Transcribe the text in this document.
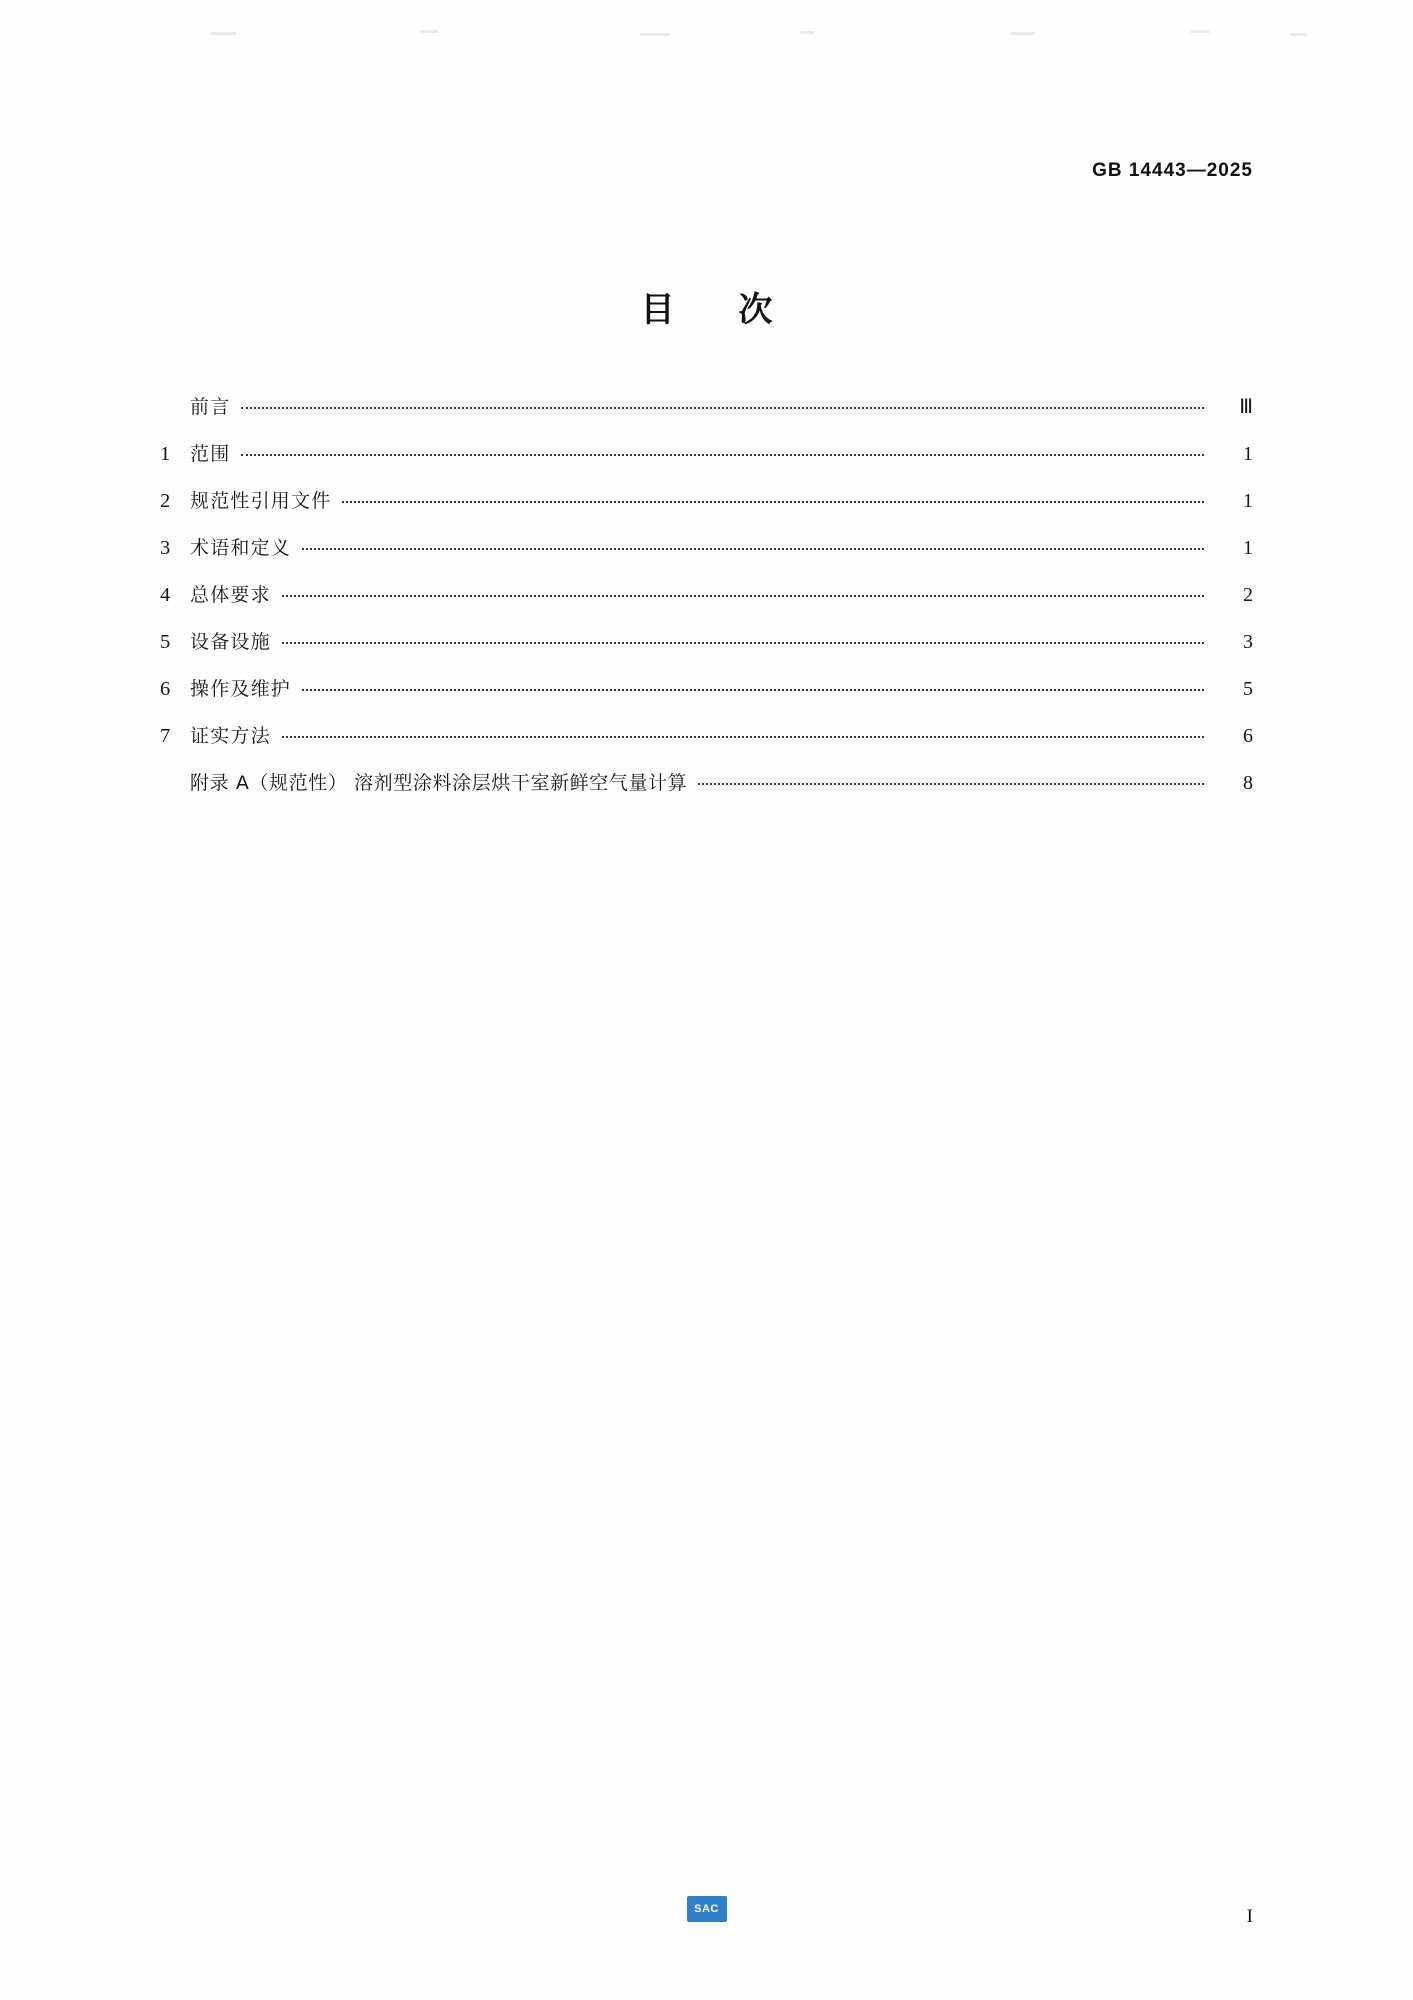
GB 14443—2025
目 次
前言	Ⅲ
1	范围	1
2	规范性引用文件	1
3	术语和定义	1
4	总体要求	2
5	设备设施	3
6	操作及维护	5
7	证实方法	6
附录 A（规范性） 溶剂型涂料涂层烘干室新鲜空气量计算	8
SAC	I
